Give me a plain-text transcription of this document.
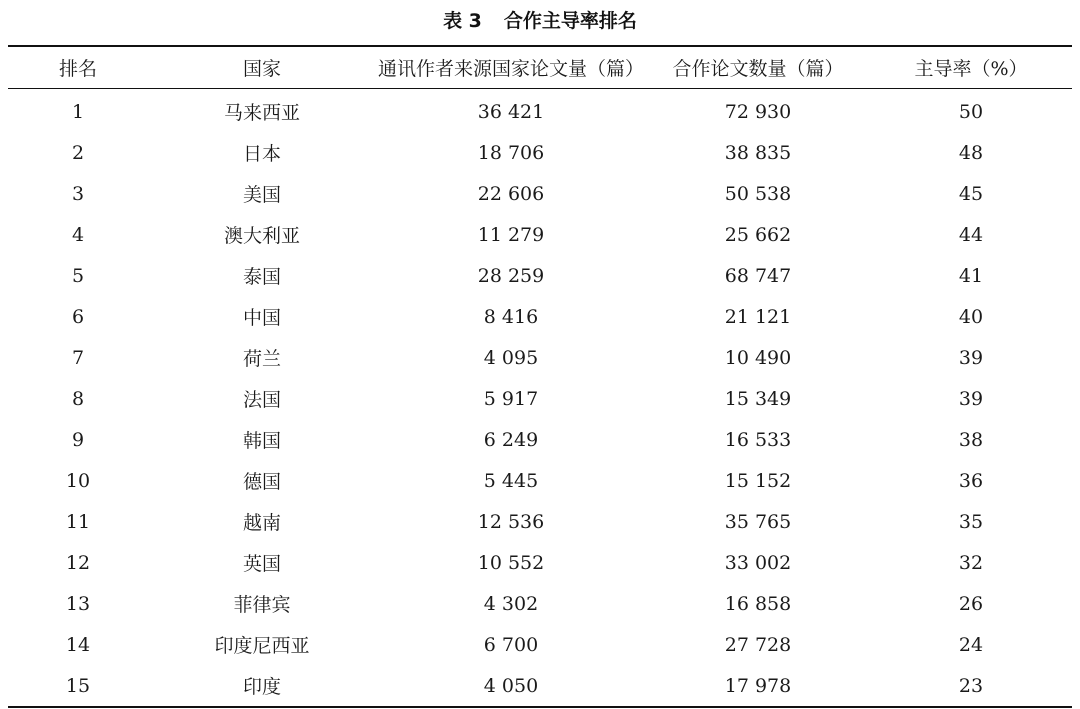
表 3 合作主导率排名
排名	国家	通讯作者来源国家论文量（篇）	合作论文数量（篇）	主导率（%）
1	马来西亚	36 421	72 930	50
2	日本	18 706	38 835	48
3	美国	22 606	50 538	45
4	澳大利亚	11 279	25 662	44
5	泰国	28 259	68 747	41
6	中国	8 416	21 121	40
7	荷兰	4 095	10 490	39
8	法国	5 917	15 349	39
9	韩国	6 249	16 533	38
10	德国	5 445	15 152	36
11	越南	12 536	35 765	35
12	英国	10 552	33 002	32
13	菲律宾	4 302	16 858	26
14	印度尼西亚	6 700	27 728	24
15	印度	4 050	17 978	23
